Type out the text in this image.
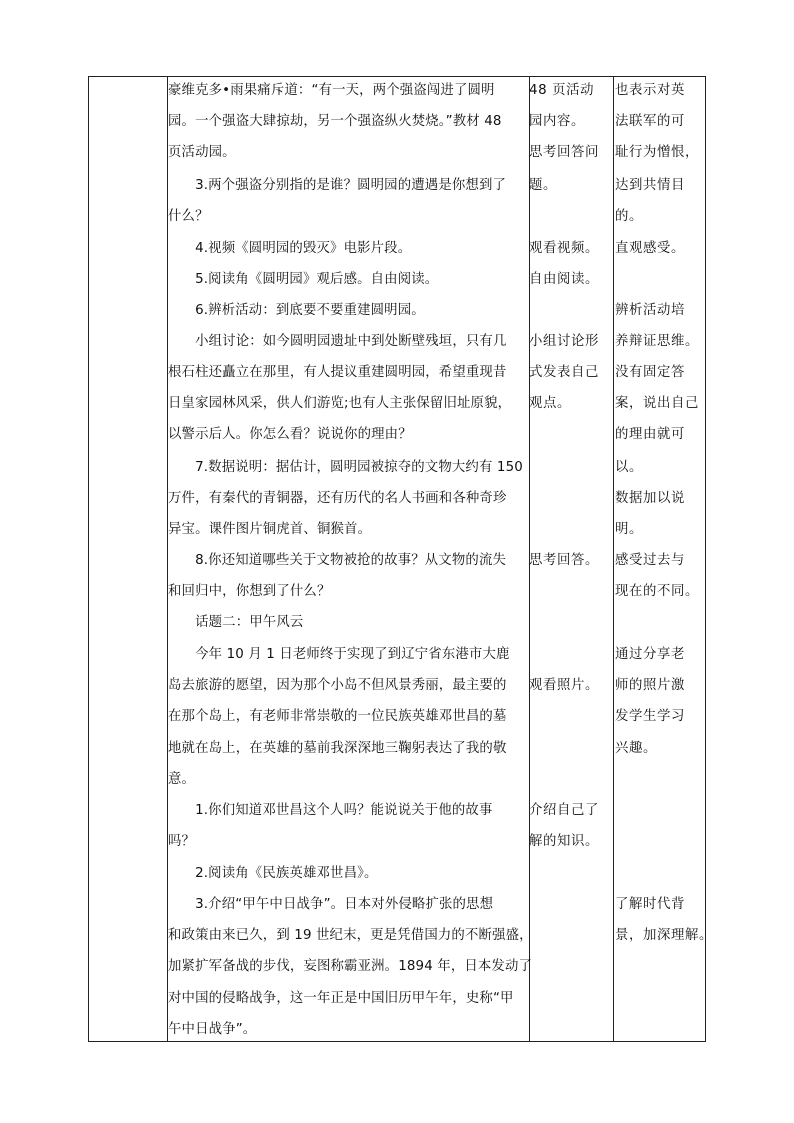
豪维克多•雨果痛斥道：“有一天，两个强盗闯进了圆明
园。一个强盗大肆掠劫，另一个强盗纵火焚烧。”教材 48
页活动园。
　　3.两个强盗分别指的是谁？圆明园的遭遇是你想到了
什么？
　　4.视频《圆明园的毁灭》电影片段。
　　5.阅读角《圆明园》观后感。自由阅读。
　　6.辨析活动：到底要不要重建圆明园。
　　小组讨论：如今圆明园遗址中到处断壁残垣，只有几
根石柱还矗立在那里，有人提议重建圆明园，希望重现昔
日皇家园林风采，供人们游览;也有人主张保留旧址原貌，
以警示后人。你怎么看？说说你的理由？
　　7.数据说明：据估计，圆明园被掠夺的文物大约有 150
万件，有秦代的青铜器，还有历代的名人书画和各种奇珍
异宝。课件图片铜虎首、铜猴首。
　　8.你还知道哪些关于文物被抢的故事？从文物的流失
和回归中，你想到了什么？
　　话题二：甲午风云
　　今年 10 月 1 日老师终于实现了到辽宁省东港市大鹿
岛去旅游的愿望，因为那个小岛不但风景秀丽，最主要的
在那个岛上，有老师非常崇敬的一位民族英雄邓世昌的墓
地就在岛上，在英雄的墓前我深深地三鞠躬表达了我的敬
意。
　　1.你们知道邓世昌这个人吗？能说说关于他的故事
吗？
　　2.阅读角《民族英雄邓世昌》。
　　3.介绍“甲午中日战争”。日本对外侵略扩张的思想
和政策由来已久，到 19 世纪末，更是凭借国力的不断强盛，
加紧扩军备战的步伐，妄图称霸亚洲。1894 年，日本发动了
对中国的侵略战争，这一年正是中国旧历甲午年，史称“甲
午中日战争”。
48 页活动
园内容。
思考回答问
题。
观看视频。
自由阅读。
小组讨论形
式发表自己
观点。
思考回答。
观看照片。
介绍自己了
解的知识。
也表示对英
法联军的可
耻行为憎恨，
达到共情目
的。
直观感受。
辨析活动培
养辩证思维。
没有固定答
案，说出自己
的理由就可
以。
数据加以说
明。
感受过去与
现在的不同。
通过分享老
师的照片激
发学生学习
兴趣。
了解时代背
景，加深理解。
